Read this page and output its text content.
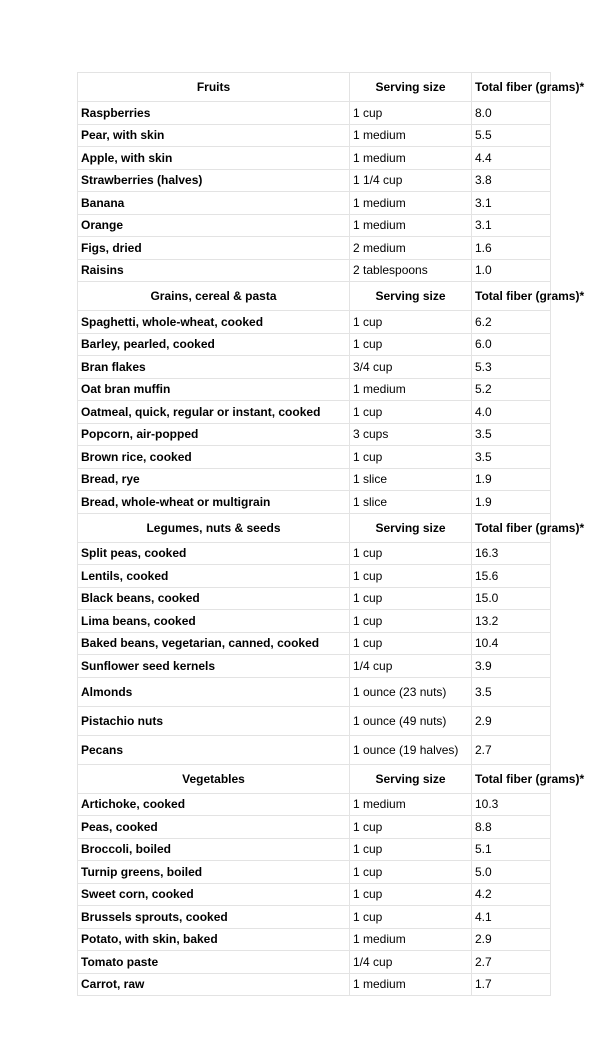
Fruits	Serving size	Total fiber (grams)*
Raspberries	1 cup	8.0
Pear, with skin	1 medium	5.5
Apple, with skin	1 medium	4.4
Strawberries (halves)	1 1/4 cup	3.8
Banana	1 medium	3.1
Orange	1 medium	3.1
Figs, dried	2 medium	1.6
Raisins	2 tablespoons	1.0
Grains, cereal & pasta	Serving size	Total fiber (grams)*
Spaghetti, whole-wheat, cooked	1 cup	6.2
Barley, pearled, cooked	1 cup	6.0
Bran flakes	3/4 cup	5.3
Oat bran muffin	1 medium	5.2
Oatmeal, quick, regular or instant, cooked	1 cup	4.0
Popcorn, air-popped	3 cups	3.5
Brown rice, cooked	1 cup	3.5
Bread, rye	1 slice	1.9
Bread, whole-wheat or multigrain	1 slice	1.9
Legumes, nuts & seeds	Serving size	Total fiber (grams)*
Split peas, cooked	1 cup	16.3
Lentils, cooked	1 cup	15.6
Black beans, cooked	1 cup	15.0
Lima beans, cooked	1 cup	13.2
Baked beans, vegetarian, canned, cooked	1 cup	10.4
Sunflower seed kernels	1/4 cup	3.9
Almonds	1 ounce (23 nuts)	3.5
Pistachio nuts	1 ounce (49 nuts)	2.9
Pecans	1 ounce (19 halves)	2.7
Vegetables	Serving size	Total fiber (grams)*
Artichoke, cooked	1 medium	10.3
Peas, cooked	1 cup	8.8
Broccoli, boiled	1 cup	5.1
Turnip greens, boiled	1 cup	5.0
Sweet corn, cooked	1 cup	4.2
Brussels sprouts, cooked	1 cup	4.1
Potato, with skin, baked	1 medium	2.9
Tomato paste	1/4 cup	2.7
Carrot, raw	1 medium	1.7
